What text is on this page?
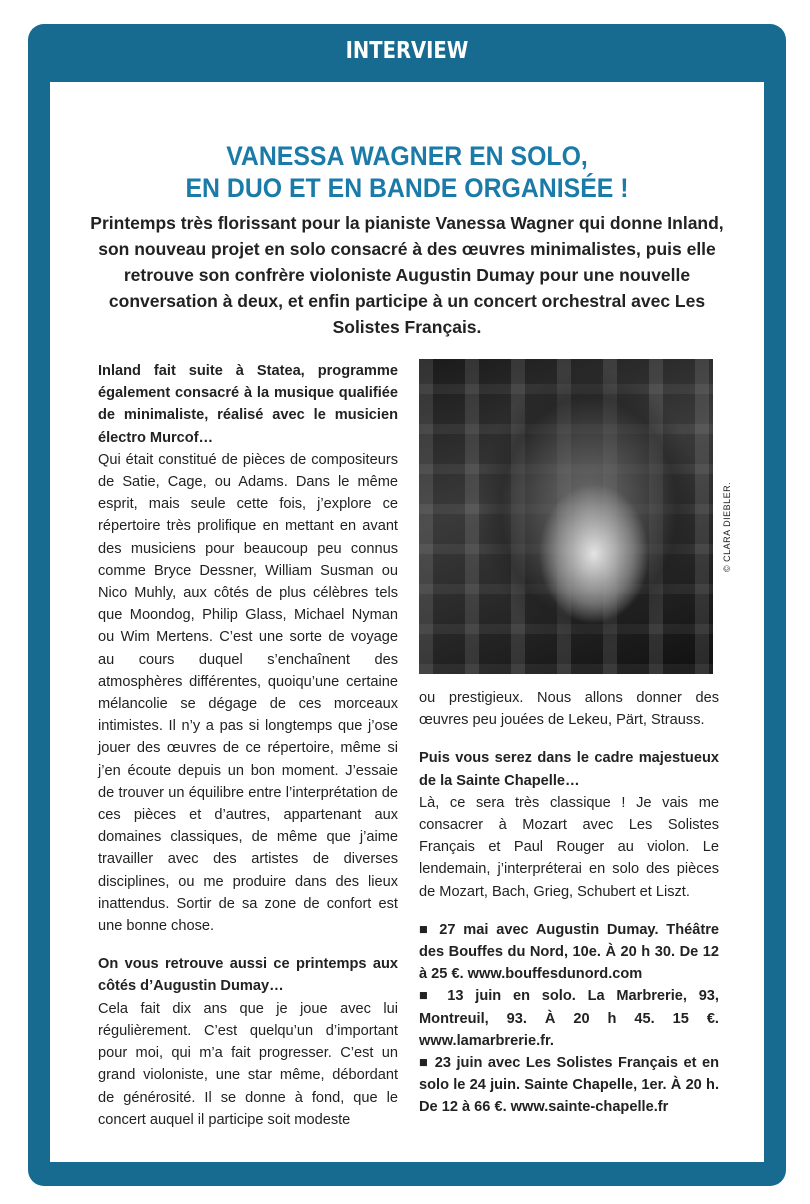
INTERVIEW
VANESSA WAGNER EN SOLO,
EN DUO ET EN BANDE ORGANISÉE !
Printemps très florissant pour la pianiste Vanessa Wagner qui donne Inland, son nouveau projet en solo consacré à des œuvres minimalistes, puis elle retrouve son confrère violoniste Augustin Dumay pour une nouvelle conversation à deux, et enfin participe à un concert orchestral avec Les Solistes Français.

Inland fait suite à Statea, programme également consacré à la musique qualifiée de minimaliste, réalisé avec le musicien électro Murcof…

Qui était constitué de pièces de compositeurs de Satie, Cage, ou Adams. Dans le même esprit, mais seule cette fois, j’explore ce répertoire très prolifique en mettant en avant des musiciens pour beaucoup peu connus comme Bryce Dessner, William Susman ou Nico Muhly, aux côtés de plus célèbres tels que Moondog, Philip Glass, Michael Nyman ou Wim Mertens. C’est une sorte de voyage au cours duquel s’enchaînent des atmosphères différentes, quoiqu’une certaine mélancolie se dégage de ces morceaux intimistes. Il n’y a pas si longtemps que j’ose jouer des œuvres de ce répertoire, même si j’en écoute depuis un bon moment. J’essaie de trouver un équilibre entre l’interprétation de ces pièces et d’autres, appartenant aux domaines classiques, de même que j’aime travailler avec des artistes de diverses disciplines, ou me produire dans des lieux inattendus. Sortir de sa zone de confort est une bonne chose.

On vous retrouve aussi ce printemps aux côtés d’Augustin Dumay…

Cela fait dix ans que je joue avec lui régulièrement. C’est quelqu’un d’important pour moi, qui m’a fait progresser. C’est un grand violoniste, une star même, débordant de générosité. Il se donne à fond, que le concert auquel il participe soit modeste

© CLARA DIEBLER.

ou prestigieux. Nous allons donner des œuvres peu jouées de Lekeu, Pärt, Strauss.

Puis vous serez dans le cadre majestueux de la Sainte Chapelle…

Là, ce sera très classique ! Je vais me consacrer à Mozart avec Les Solistes Français et Paul Rouger au violon. Le lendemain, j’interpréterai en solo des pièces de Mozart, Bach, Grieg, Schubert et Liszt.

■ 27 mai avec Augustin Dumay. Théâtre des Bouffes du Nord, 10e. À 20 h 30. De 12 à 25 €. www.bouffesdunord.com

■ 13 juin en solo. La Marbrerie, 93, Montreuil, 93. À 20 h 45. 15 €. www.lamarbrerie.fr.

■ 23 juin avec Les Solistes Français et en solo le 24 juin. Sainte Chapelle, 1er. À 20 h. De 12 à 66 €. www.sainte-chapelle.fr
